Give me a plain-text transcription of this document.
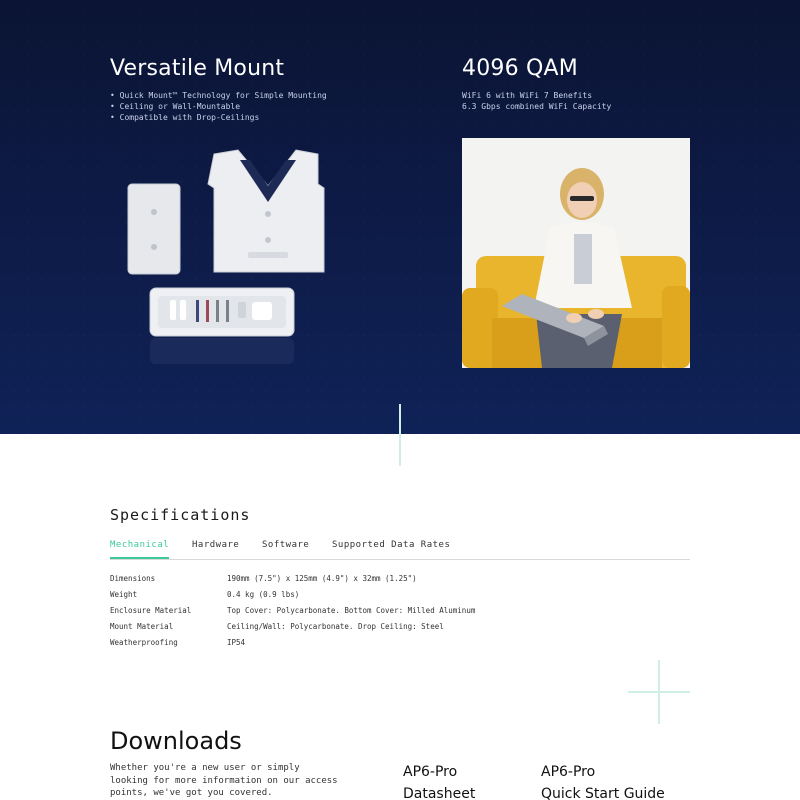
Versatile Mount
• Quick Mount™ Technology for Simple Mounting
• Ceiling or Wall-Mountable
• Compatible with Drop-Ceilings
4096 QAM
WiFi 6 with WiFi 7 Benefits
6.3 Gbps combined WiFi Capacity
Specifications
Mechanical	Hardware	Software	Supported Data Rates
Dimensions	190mm (7.5") x 125mm (4.9") x 32mm (1.25")
Weight	0.4 kg (0.9 lbs)
Enclosure Material	Top Cover: Polycarbonate. Bottom Cover: Milled Aluminum
Mount Material	Ceiling/Wall: Polycarbonate. Drop Ceiling: Steel
Weatherproofing	IP54
Downloads
Whether you're a new user or simply looking for more information on our access points, we've got you covered.
AP6-Pro
Datasheet
AP6-Pro
Quick Start Guide
